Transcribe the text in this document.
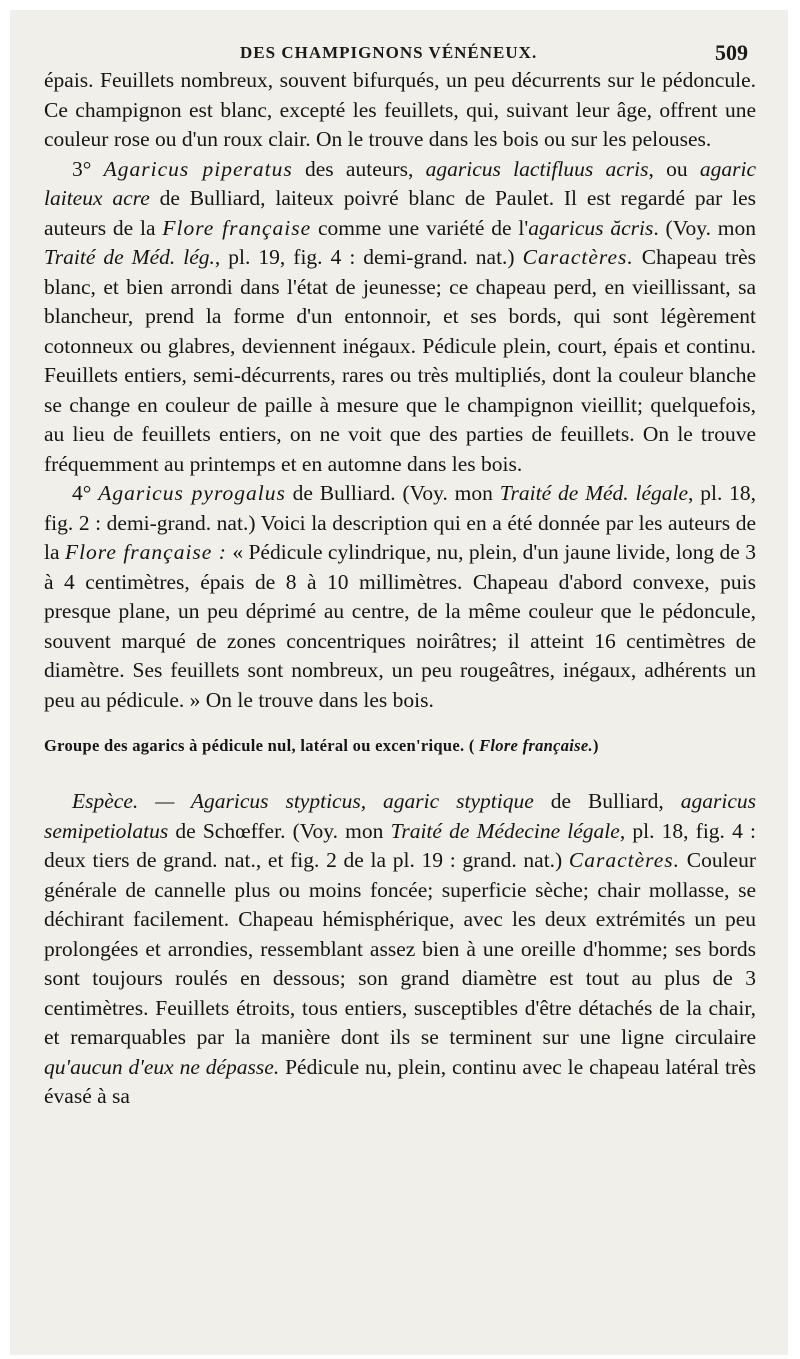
DES CHAMPIGNONS VÉNÉNEUX.	509

épais. Feuillets nombreux, souvent bifurqués, un peu décurrents sur le pédoncule. Ce champignon est blanc, excepté les feuillets, qui, suivant leur âge, offrent une couleur rose ou d'un roux clair. On le trouve dans les bois ou sur les pelouses.

3° Agaricus piperatus des auteurs, agaricus lactifluus acris, ou agaric laiteux acre de Bulliard, laiteux poivré blanc de Paulet. Il est regardé par les auteurs de la Flore française comme une variété de l'agaricus ăcris. (Voy. mon Traité de Méd. lég., pl. 19, fig. 4 : demi-grand. nat.) Caractères. Chapeau très blanc, et bien arrondi dans l'état de jeunesse; ce chapeau perd, en vieillissant, sa blancheur, prend la forme d'un entonnoir, et ses bords, qui sont légèrement cotonneux ou glabres, deviennent inégaux. Pédicule plein, court, épais et continu. Feuillets entiers, semi-décurrents, rares ou très multipliés, dont la couleur blanche se change en couleur de paille à mesure que le champignon vieillit; quelquefois, au lieu de feuillets entiers, on ne voit que des parties de feuillets. On le trouve fréquemment au printemps et en automne dans les bois.

4° Agaricus pyrogalus de Bulliard. (Voy. mon Traité de Méd. légale, pl. 18, fig. 2 : demi-grand. nat.) Voici la description qui en a été donnée par les auteurs de la Flore française : « Pédicule cylindrique, nu, plein, d'un jaune livide, long de 3 à 4 centimètres, épais de 8 à 10 millimètres. Chapeau d'abord convexe, puis presque plane, un peu déprimé au centre, de la même couleur que le pédoncule, souvent marqué de zones concentriques noirâtres; il atteint 16 centimètres de diamètre. Ses feuillets sont nombreux, un peu rougeâtres, inégaux, adhérents un peu au pédicule. » On le trouve dans les bois.

Groupe des agarics à pédicule nul, latéral ou excen'rique. ( Flore française.)

Espèce. — Agaricus stypticus, agaric styptique de Bulliard, agaricus semipetiolatus de Schœffer. (Voy. mon Traité de Médecine légale, pl. 18, fig. 4 : deux tiers de grand. nat., et fig. 2 de la pl. 19 : grand. nat.) Caractères. Couleur générale de cannelle plus ou moins foncée; superficie sèche; chair mollasse, se déchirant facilement. Chapeau hémisphérique, avec les deux extrémités un peu prolongées et arrondies, ressemblant assez bien à une oreille d'homme; ses bords sont toujours roulés en dessous; son grand diamètre est tout au plus de 3 centimètres. Feuillets étroits, tous entiers, susceptibles d'être détachés de la chair, et remarquables par la manière dont ils se terminent sur une ligne circulaire qu'aucun d'eux ne dépasse. Pédicule nu, plein, continu avec le chapeau latéral très évasé à sa
